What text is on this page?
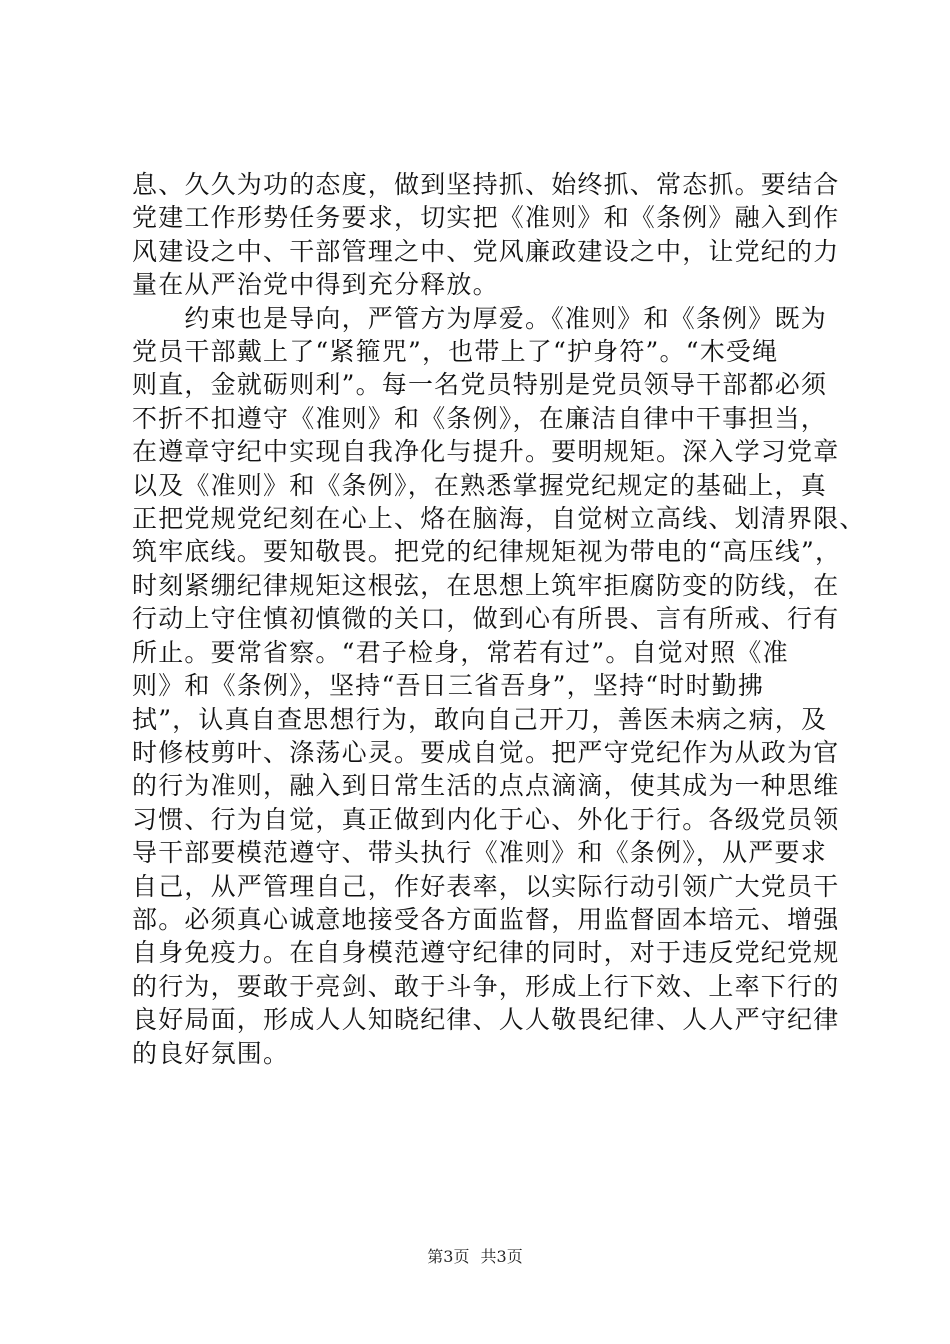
息、久久为功的态度，做到坚持抓、始终抓、常态抓。要结合
党建工作形势任务要求，切实把《准则》和《条例》融入到作
风建设之中、干部管理之中、党风廉政建设之中，让党纪的力
量在从严治党中得到充分释放。
　　约束也是导向，严管方为厚爱。《准则》和《条例》既为
党员干部戴上了“紧箍咒”，也带上了“护身符”。“木受绳
则直，金就砺则利”。每一名党员特别是党员领导干部都必须
不折不扣遵守《准则》和《条例》，在廉洁自律中干事担当，
在遵章守纪中实现自我净化与提升。要明规矩。深入学习党章
以及《准则》和《条例》，在熟悉掌握党纪规定的基础上，真
正把党规党纪刻在心上、烙在脑海，自觉树立高线、划清界限、
筑牢底线。要知敬畏。把党的纪律规矩视为带电的“高压线”，
时刻紧绷纪律规矩这根弦，在思想上筑牢拒腐防变的防线，在
行动上守住慎初慎微的关口，做到心有所畏、言有所戒、行有
所止。要常省察。“君子检身，常若有过”。自觉对照《准
则》和《条例》，坚持“吾日三省吾身”，坚持“时时勤拂
拭”，认真自查思想行为，敢向自己开刀，善医未病之病，及
时修枝剪叶、涤荡心灵。要成自觉。把严守党纪作为从政为官
的行为准则，融入到日常生活的点点滴滴，使其成为一种思维
习惯、行为自觉，真正做到内化于心、外化于行。各级党员领
导干部要模范遵守、带头执行《准则》和《条例》，从严要求
自己，从严管理自己，作好表率，以实际行动引领广大党员干
部。必须真心诚意地接受各方面监督，用监督固本培元、增强
自身免疫力。在自身模范遵守纪律的同时，对于违反党纪党规
的行为，要敢于亮剑、敢于斗争，形成上行下效、上率下行的
良好局面，形成人人知晓纪律、人人敬畏纪律、人人严守纪律
的良好氛围。
第3页 共3页
